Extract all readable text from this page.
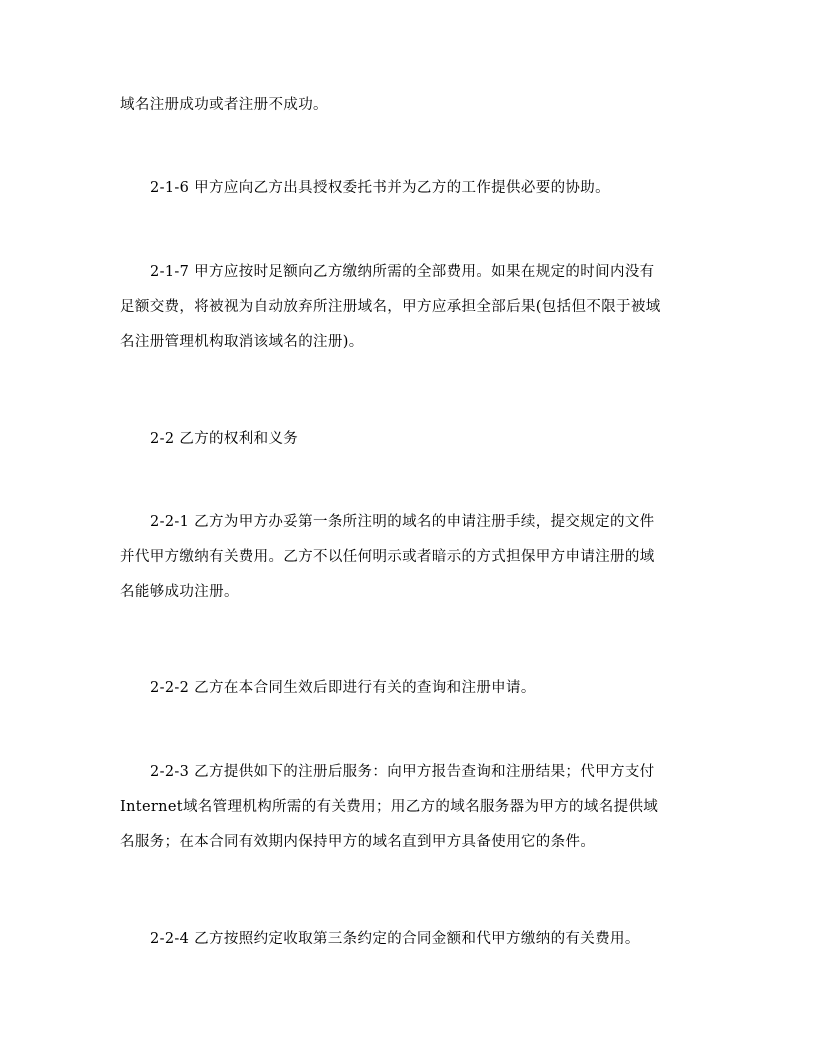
域名注册成功或者注册不成功。

2-1-6 甲方应向乙方出具授权委托书并为乙方的工作提供必要的协助。

2-1-7 甲方应按时足额向乙方缴纳所需的全部费用。如果在规定的时间内没有
足额交费，将被视为自动放弃所注册域名，甲方应承担全部后果(包括但不限于被域
名注册管理机构取消该域名的注册)。

2-2 乙方的权利和义务

2-2-1 乙方为甲方办妥第一条所注明的域名的申请注册手续，提交规定的文件
并代甲方缴纳有关费用。乙方不以任何明示或者暗示的方式担保甲方申请注册的域
名能够成功注册。

2-2-2 乙方在本合同生效后即进行有关的查询和注册申请。

2-2-3 乙方提供如下的注册后服务：向甲方报告查询和注册结果；代甲方支付
Internet域名管理机构所需的有关费用；用乙方的域名服务器为甲方的域名提供域
名服务；在本合同有效期内保持甲方的域名直到甲方具备使用它的条件。

2-2-4 乙方按照约定收取第三条约定的合同金额和代甲方缴纳的有关费用。
